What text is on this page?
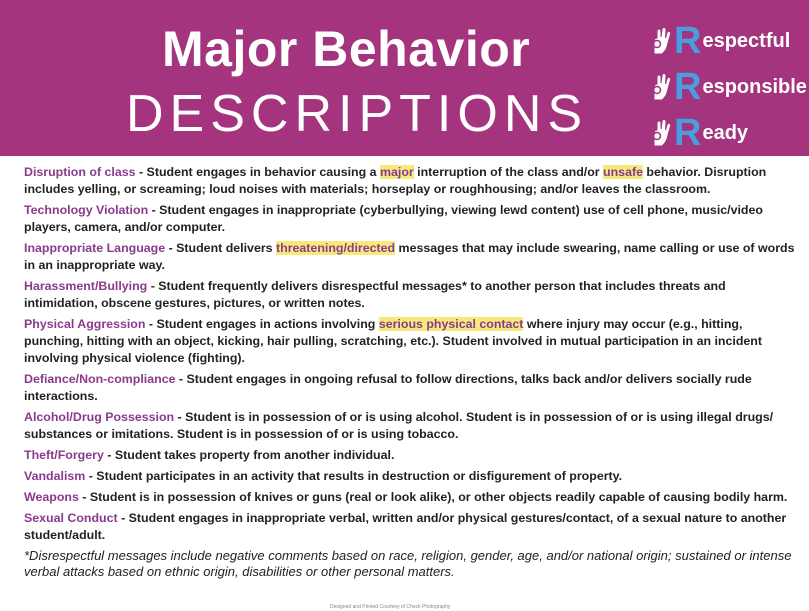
Major Behavior
DESCRIPTIONS
R espectful
R esponsible
R eady
Disruption of class - Student engages in behavior causing a major interruption of the class and/or unsafe behavior. Disruption includes yelling, or screaming; loud noises with materials; horseplay or roughhousing; and/or leaves the classroom.
Technology Violation - Student engages in inappropriate (cyberbullying, viewing lewd content) use of cell phone, music/video players, camera, and/or computer.
Inappropriate Language - Student delivers threatening/directed messages that may include swearing, name calling or use of words in an inappropriate way.
Harassment/Bullying - Student frequently delivers disrespectful messages* to another person that includes threats and intimidation, obscene gestures, pictures, or written notes.
Physical Aggression - Student engages in actions involving serious physical contact where injury may occur (e.g., hitting, punching, hitting with an object, kicking, hair pulling, scratching, etc.). Student involved in mutual participation in an incident involving physical violence (fighting).
Defiance/Non-compliance - Student engages in ongoing refusal to follow directions, talks back and/or delivers socially rude interactions.
Alcohol/Drug Possession - Student is in possession of or is using alcohol. Student is in possession of or is using illegal drugs/ substances or imitations. Student is in possession of or is using tobacco.
Theft/Forgery - Student takes property from another individual.
Vandalism - Student participates in an activity that results in destruction or disfigurement of property.
Weapons - Student is in possession of knives or guns (real or look alike), or other objects readily capable of causing bodily harm.
Sexual Conduct - Student engages in inappropriate verbal, written and/or physical gestures/contact, of a sexual nature to another student/adult.
*Disrespectful messages include negative comments based on race, religion, gender, age, and/or national origin; sustained or intense verbal attacks based on ethnic origin, disabilities or other personal matters.
Designed and Printed Courtesy of Check Photography
